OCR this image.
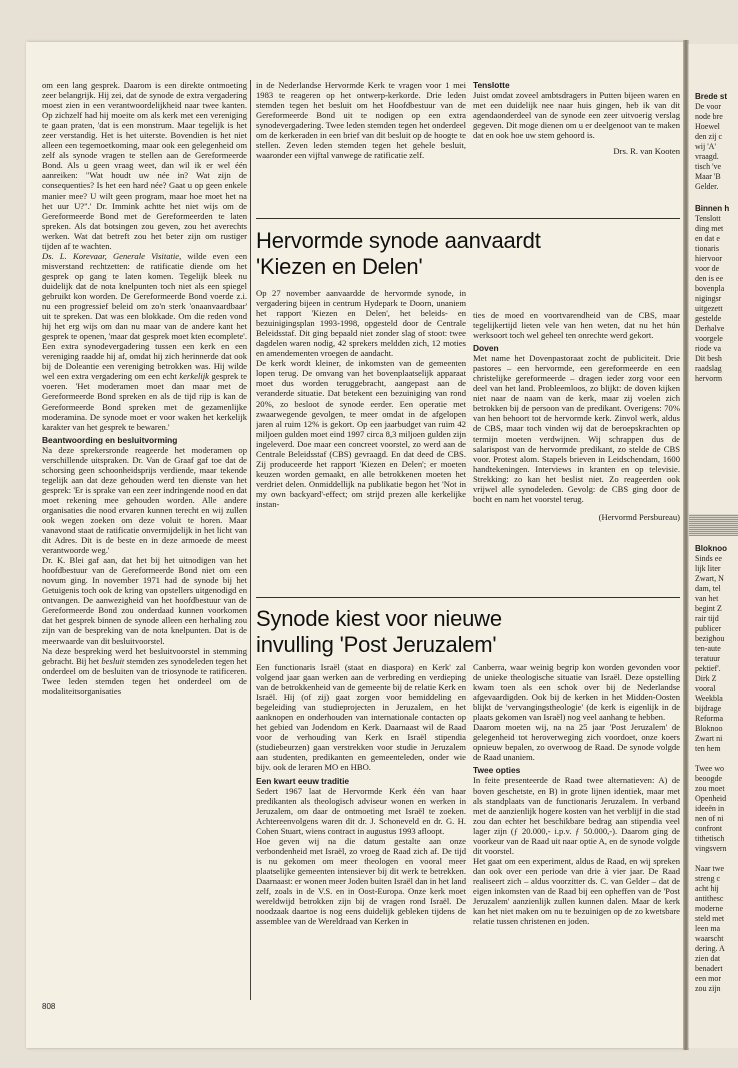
om een lang gesprek. Daarom is een direkte ontmoeting zeer belangrijk. Hij zei, dat de synode de extra vergadering moest zien in een verantwoordelijkheid naar twee kanten. Op zichzelf had hij moeite om als kerk met een vereniging te gaan praten, 'dat is een monstrum. Maar tegelijk is het zeer verstandig. Het is het uiterste. Bovendien is het niet alleen een tegemoetkoming, maar ook een gelegenheid om zelf als synode vragen te stellen aan de Gereformeerde Bond. Als u geen vraag weet, dan wil ik er wel één aanreiken: "Wat houdt uw née in? Wat zijn de consequenties? Is het een hard née? Gaat u op geen enkele manier mee? U wilt geen program, maar hoe moet het na het uur U?".' Dr. Immink achtte het niet wijs om de Gereformeerde Bond met de Gereformeerden te laten spreken. Als dat botsingen zou geven, zou het averechts werken. Wat dat betreft zou het beter zijn om rustiger tijden af te wachten.

Ds. L. Korevaar, Generale Visitatie, wilde even een misverstand rechtzetten: de ratificatie diende om het gesprek op gang te laten komen. Tegelijk bleek nu duidelijk dat de nota knelpunten toch niet als een spiegel gebruikt kon worden. De Gereformeerde Bond voerde z.i. nu een progressief beleid om zo'n sterk 'onaanvaardbaar' uit te spreken. Dat was een blokkade. Om die reden vond hij het erg wijs om dan nu maar van de andere kant het gesprek te openen, 'maar dat gesprek moet kten ecomplete'. Een extra synodevergadering tussen een kerk en een vereniging raadde hij af, omdat hij zich herinnerde dat ook bij de Doleantie een vereniging betrokken was. Hij wilde wel een extra vergadering om een echt kerkelijk gesprek te voeren. 'Het moderamen moet dan maar met de Gereformeerde Bond spreken en als de tijd rijp is kan de Gereformeerde Bond spreken met de gezamenlijke moderamina. De synode moet er voor waken het kerkelijk karakter van het gesprek te bewaren.'

Beantwoording en besluitvorming

Na deze sprekersronde reageerde het moderamen op verschillende uitspraken. Dr. Van de Graaf gaf toe dat de schorsing geen schoonheidsprijs verdiende, maar tekende tegelijk aan dat deze gehouden werd ten dienste van het gesprek: 'Er is sprake van een zeer indringende nood en dat moet rekening mee gehouden worden. Alle andere organisaties die nood ervaren kunnen terecht en wij zullen ook wegen zoeken om deze voluit te horen. Maar vanavond staat de ratificatie onvermijdelijk in het licht van dit Adres. Dit is de beste en in deze armoede de meest verantwoorde weg.'

Dr. K. Blei gaf aan, dat het bij het uitnodigen van het hoofdbestuur van de Gereformeerde Bond niet om een novum ging. In november 1971 had de synode bij het Getuigenis toch ook de kring van opstellers uitgenodigd en ontvangen. De aanwezigheid van het hoofdbestuur van de Gereformeerde Bond zou onderdaad kunnen voorkomen dat het gesprek binnen de synode alleen een herhaling zou zijn van de bespreking van de nota knelpunten. Dat is de meerwaarde van dit besluitvoorstel.

Na deze bespreking werd het besluitvoorstel in stemming gebracht. Bij het besluit stemden zes synodeleden tegen het onderdeel om de besluiten van de triosynode te ratificeren. Twee leden stemden tegen het onderdeel om de modaliteitsorganisaties

in de Nederlandse Hervormde Kerk te vragen voor 1 mei 1983 te reageren op het ontwerp-kerkorde. Drie leden stemden tegen het besluit om het Hoofdbestuur van de Gereformeerde Bond uit te nodigen op een extra synodevergadering. Twee leden stemden tegen het onderdeel om de kerkeraden in een brief van dit besluit op de hoogte te stellen. Zeven leden stemden tegen het gehele besluit, waaronder een vijftal vanwege de ratificatie zelf.

Tenslotte

Juist omdat zoveel ambtsdragers in Putten bijeen waren en met een duidelijk nee naar huis gingen, heb ik van dit agendaonderdeel van de synode een zeer uitvoerig verslag gegeven. Dit moge dienen om u er deelgenoot van te maken dat en ook hoe uw stem gehoord is.

Drs. R. van Kooten

Hervormde synode aanvaardt
'Kiezen en Delen'

Op 27 november aanvaardde de hervormde synode, in vergadering bijeen in centrum Hydepark te Doorn, unaniem het rapport 'Kiezen en Delen', het beleids- en bezuinigingsplan 1993-1998, opgesteld door de Centrale Beleidsstaf. Dit ging bepaald niet zonder slag of stoot: twee dagdelen waren nodig, 42 sprekers meldden zich, 12 moties en amendementen vroegen de aandacht.

De kerk wordt kleiner, de inkomsten van de gemeenten lopen terug. De omvang van het bovenplaatselijk apparaat moet dus worden teruggebracht, aangepast aan de veranderde situatie. Dat betekent een bezuiniging van rond 20%, zo besloot de synode eerder. Een operatie met zwaarwegende gevolgen, te meer omdat in de afgelopen jaren al ruim 12% is gekort. Op een jaarbudget van ruim 42 miljoen gulden moet eind 1997 circa 8,3 miljoen gulden zijn ingeleverd. Doe maar een concreet voorstel, zo werd aan de Centrale Beleidsstaf (CBS) gevraagd. En dat deed de CBS. Zij produceerde het rapport 'Kiezen en Delen'; er moeten keuzen worden gemaakt, en alle betrokkenen moeten het verdriet delen. Onmiddellijk na publikatie begon het 'Not in my own backyard'-effect; om strijd prezen alle kerkelijke instan-

ties de moed en voortvarendheid van de CBS, maar tegelijkertijd lieten vele van hen weten, dat nu het hún werksoort toch wel geheel ten onrechte werd gekort.

Doven

Met name het Dovenpastoraat zocht de publiciteit. Drie pastores – een hervormde, een gereformeerde en een christelijke gereformeerde – dragen ieder zorg voor een deel van het land. Probleemloos, zo blijkt: de doven kijken niet naar de naam van de kerk, maar zij voelen zich betrokken bij de persoon van de predikant. Overigens: 70% van hen behoort tot de hervormde kerk. Zinvol werk, aldus de CBS, maar toch vinden wij dat de beroepskrachten op termijn moeten verdwijnen. Wij schrappen dus de salarispost van de hervormde predikant, zo stelde de CBS voor. Protest alom. Stapels brieven in Leidschendam, 1600 handtekeningen. Interviews in kranten en op televisie. Strekking: zo kan het beslist niet. Zo reageerden ook vrijwel alle synodeleden. Gevolg: de CBS ging door de bocht en nam het voorstel terug.

(Hervormd Persbureau)

Synode kiest voor nieuwe
invulling 'Post Jeruzalem'

Een functionaris Israël (staat en diaspora) en Kerk' zal volgend jaar gaan werken aan de verbreding en verdieping van de betrokkenheid van de gemeente bij de relatie Kerk en Israël. Hij (of zij) gaat zorgen voor bemiddeling en begeleiding van studieprojecten in Jeruzalem, en het aanknopen en onderhouden van internationale contacten op het gebied van Jodendom en Kerk. Daarnaast wil de Raad voor de verhouding van Kerk en Israël stipendia (studiebeurzen) gaan verstrekken voor studie in Jeruzalem aan studenten, predikanten en gemeenteleden, onder wie bijv. ook de leraren MO en HBO.

Een kwart eeuw traditie

Sedert 1967 laat de Hervormde Kerk één van haar predikanten als theologisch adviseur wonen en werken in Jeruzalem, om daar de ontmoeting met Israël te zoeken. Achtereenvolgens waren dit dr. J. Schoneveld en dr. G. H. Cohen Stuart, wiens contract in augustus 1993 afloopt.

Hoe geven wij na die datum gestalte aan onze verbondenheid met Israël, zo vroeg de Raad zich af. De tijd is nu gekomen om meer theologen en vooral meer plaatselijke gemeenten intensiever bij dit werk te betrekken. Daarnaast: er wonen meer Joden buiten Israël dan in het land zelf, zoals in de V.S. en in Oost-Europa. Onze kerk moet wereldwijd betrokken zijn bij de vragen rond Israël. De noodzaak daartoe is nog eens duidelijk gebleken tijdens de assemblee van de Wereldraad van Kerken in

Canberra, waar weinig begrip kon worden gevonden voor de unieke theologische situatie van Israël. Deze opstelling kwam toen als een schok over bij de Nederlandse afgevaardigden. Ook bij de kerken in het Midden-Oosten blijkt de 'vervangingstheologie' (de kerk is eigenlijk in de plaats gekomen van Israël) nog veel aanhang te hebben.

Daarom moeten wij, na na 25 jaar 'Post Jeruzalem' de gelegenheid tot heroverweging zich voordoet, onze koers opnieuw bepalen, zo overwoog de Raad. De synode volgde de Raad unaniem.

Twee opties

In feite presenteerde de Raad twee alternatieven: A) de boven geschetste, en B) in grote lijnen identiek, maar met als standplaats van de functionaris Jeruzalem. In verband met de aanzienlijk hogere kosten van het verblijf in die stad zou dan echter het beschikbare bedrag aan stipendia veel lager zijn (ƒ 20.000,- i.p.v. ƒ 50.000,-). Daarom ging de voorkeur van de Raad uit naar optie A, en de synode volgde dit voorstel.

Het gaat om een experiment, aldus de Raad, en wij spreken dan ook over een periode van drie à vier jaar. De Raad realiseert zich – aldus voorzitter ds. C. van Gelder – dat de eigen inkomsten van de Raad bij een opheffen van de 'Post Jeruzalem' aanzienlijk zullen kunnen dalen. Maar de kerk kan het niet maken om nu te bezuinigen op de zo kwetsbare relatie tussen christenen en joden.

808
Brede st
De voor
node bre
Hoewel
den zij c
wij 'A'
vraagd.
tisch 've
Maar 'B
Gelder.
Binnen h
Tenslott
ding met
en dat e
tionaris
hiervoor
voor de
den is ee
bovenpla
nigingsr
uitgezett
gestelde
Derhalve
voorgele
riode va
Dit besh
raadslag
hervorm
Bloknoo
Sinds ee
lijk liter
Zwart, N
dam, tel
van het
begint Z
rair tijd
publicer
bezighou
ten-aute
teratuur
pektief'.
Dirk Z
vooral
Weekbla
bijdrage
Reforma
Bloknoo
Zwart ni
ten hem

Twee wo
beoogde
zou moet
Openheid
ideeën in
nen of ni
confront
tithetisch
vingsvern

Naar twe
streng c
acht hij
antithesc
moderne
steld met
leen ma
waarscht
dering. A
zien dat
benadert
een mor
zou zijn
